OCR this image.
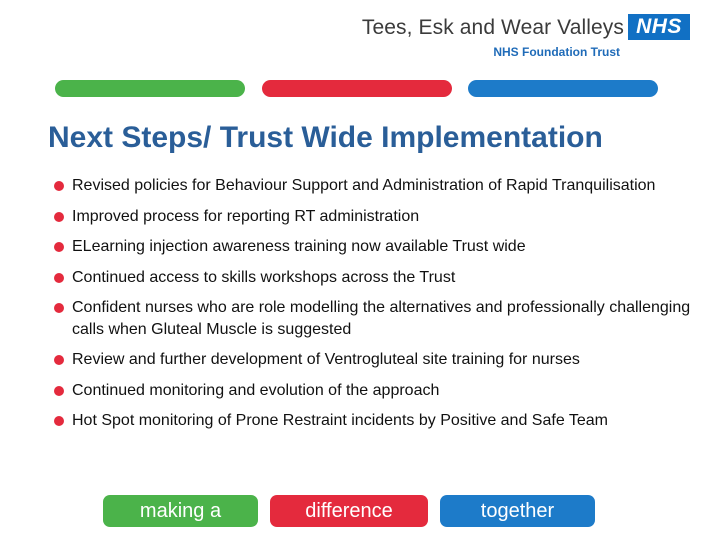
Tees, Esk and Wear Valleys
NHS Foundation Trust
NHS
Next Steps/ Trust Wide Implementation
Revised policies for Behaviour Support and Administration of Rapid Tranquilisation
Improved process for reporting RT administration
ELearning injection awareness training now available Trust wide
Continued access to skills workshops across the Trust
Confident nurses who are role modelling the alternatives and professionally challenging calls when Gluteal Muscle is suggested
Review and further development of Ventrogluteal site training for nurses
Continued monitoring and evolution of the approach
Hot Spot monitoring of Prone Restraint incidents by Positive and Safe Team
making a	difference	together
